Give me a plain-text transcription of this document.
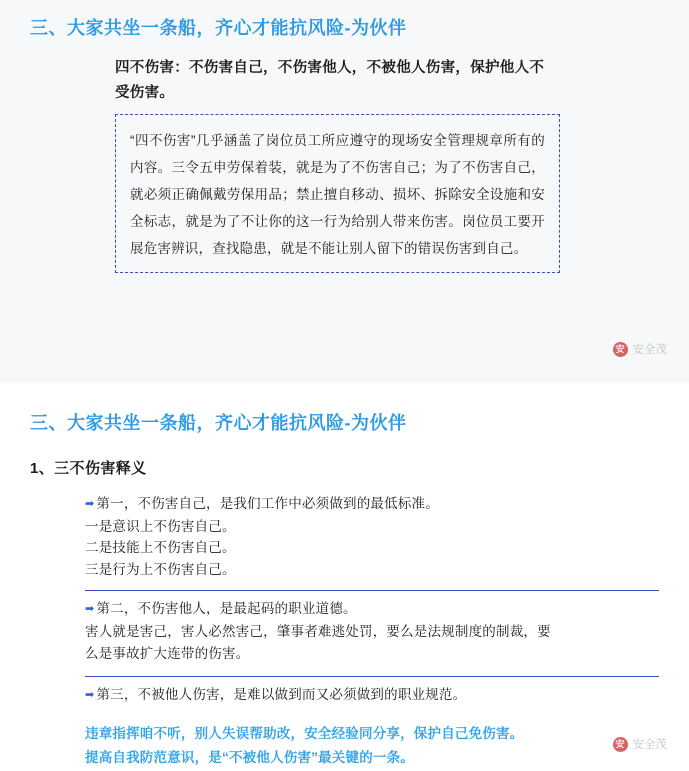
三、大家共坐一条船，齐心才能抗风险-为伙伴
四不伤害：不伤害自己，不伤害他人，不被他人伤害，保护他人不受伤害。

“四不伤害”几乎涵盖了岗位员工所应遵守的现场安全管理规章所有的内容。三令五申劳保着装，就是为了不伤害自己；为了不伤害自己，就必须正确佩戴劳保用品；禁止擅自移动、损坏、拆除安全设施和安全标志，就是为了不让你的这一行为给别人带来伤害。岗位员工要开展危害辨识，查找隐患，就是不能让别人留下的错误伤害到自己。

安 安全茂
三、大家共坐一条船，齐心才能抗风险-为伙伴
1、三不伤害释义
➡ 第一，不伤害自己，是我们工作中必须做到的最低标准。
一是意识上不伤害自己。
二是技能上不伤害自己。
三是行为上不伤害自己。
➡ 第二，不伤害他人，是最起码的职业道德。
害人就是害己，害人必然害己，肇事者难逃处罚，要么是法规制度的制裁，要么是事故扩大连带的伤害。
➡ 第三，不被他人伤害，是难以做到而又必须做到的职业规范。
违章指挥咱不听，别人失误帮助改，安全经验同分享，保护自己免伤害。
提高自我防范意识，是“不被他人伤害”最关键的一条。
安 安全茂
